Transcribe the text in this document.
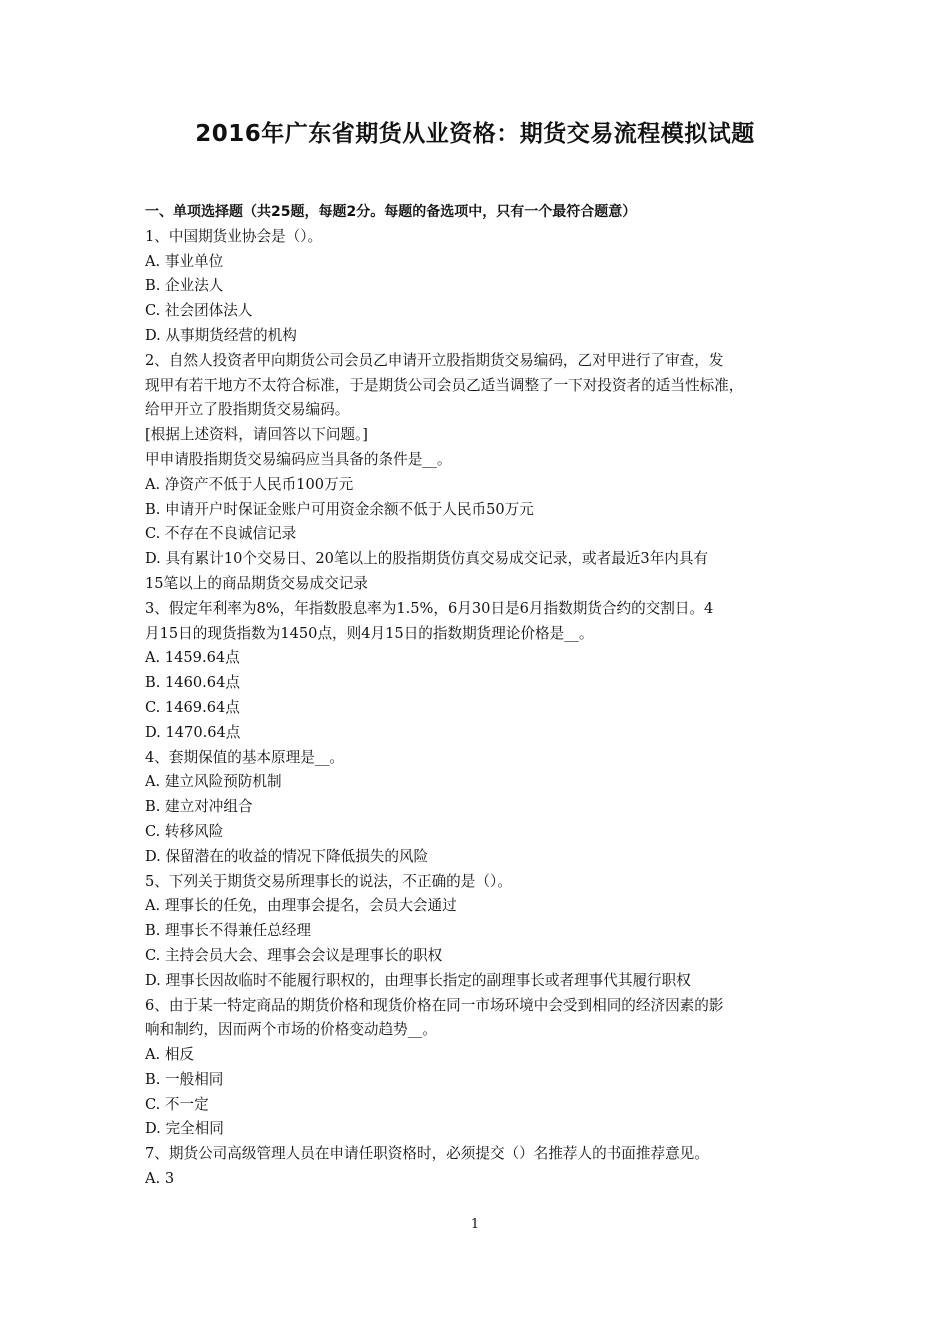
2016年广东省期货从业资格：期货交易流程模拟试题
一、单项选择题（共25题，每题2分。每题的备选项中，只有一个最符合题意）
1、中国期货业协会是（）。
A. 事业单位
B. 企业法人
C. 社会团体法人
D. 从事期货经营的机构
2、自然人投资者甲向期货公司会员乙申请开立股指期货交易编码，乙对甲进行了审查，发
现甲有若干地方不太符合标准，于是期货公司会员乙适当调整了一下对投资者的适当性标准，
给甲开立了股指期货交易编码。
[根据上述资料，请回答以下问题。]
甲申请股指期货交易编码应当具备的条件是__。
A. 净资产不低于人民币100万元
B. 申请开户时保证金账户可用资金余额不低于人民币50万元
C. 不存在不良诚信记录
D. 具有累计10个交易日、20笔以上的股指期货仿真交易成交记录，或者最近3年内具有
15笔以上的商品期货交易成交记录
3、假定年利率为8%，年指数股息率为1.5%，6月30日是6月指数期货合约的交割日。4
月15日的现货指数为1450点，则4月15日的指数期货理论价格是__。
A. 1459.64点
B. 1460.64点
C. 1469.64点
D. 1470.64点
4、套期保值的基本原理是__。
A. 建立风险预防机制
B. 建立对冲组合
C. 转移风险
D. 保留潜在的收益的情况下降低损失的风险
5、下列关于期货交易所理事长的说法，不正确的是（）。
A. 理事长的任免，由理事会提名，会员大会通过
B. 理事长不得兼任总经理
C. 主持会员大会、理事会会议是理事长的职权
D. 理事长因故临时不能履行职权的，由理事长指定的副理事长或者理事代其履行职权
6、由于某一特定商品的期货价格和现货价格在同一市场环境中会受到相同的经济因素的影
响和制约，因而两个市场的价格变动趋势__。
A. 相反
B. 一般相同
C. 不一定
D. 完全相同
7、期货公司高级管理人员在申请任职资格时，必须提交（）名推荐人的书面推荐意见。
A. 3
1
